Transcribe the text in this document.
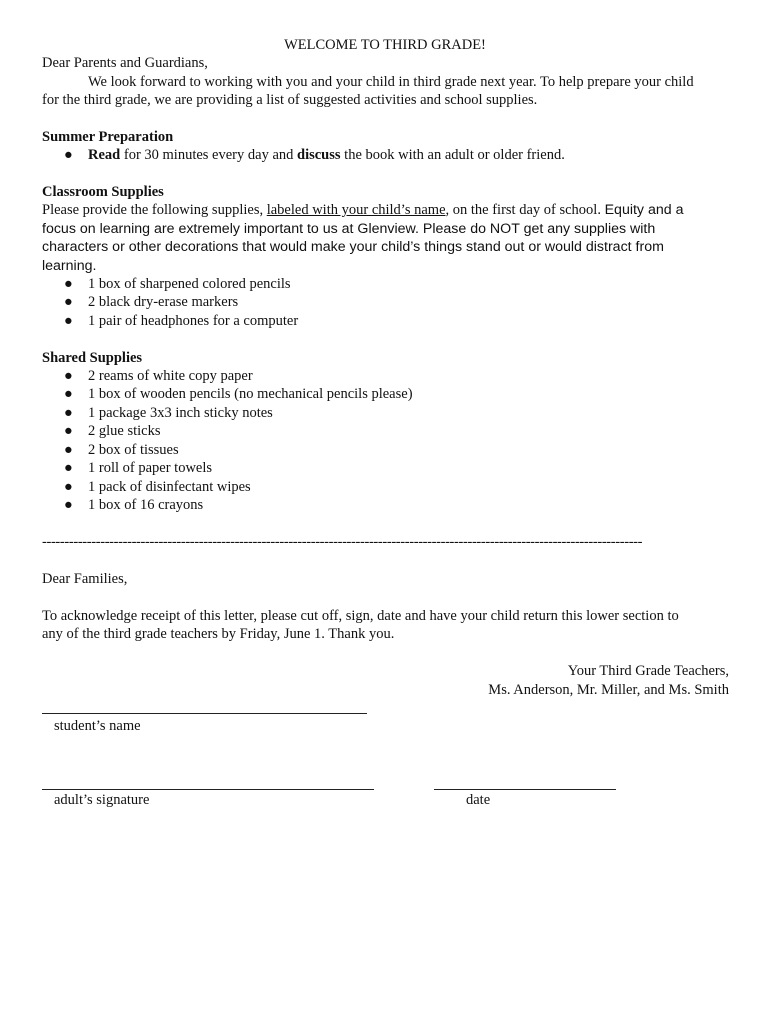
WELCOME TO THIRD GRADE!
Dear Parents and Guardians,
We look forward to working with you and your child in third grade next year. To help prepare your child
for the third grade, we are providing a list of suggested activities and school supplies.
Summer Preparation
● Read for 30 minutes every day and discuss the book with an adult or older friend.
Classroom Supplies
Please provide the following supplies, labeled with your child’s name, on the first day of school. Equity and a
focus on learning are extremely important to us at Glenview. Please do NOT get any supplies with
characters or other decorations that would make your child’s things stand out or would distract from
learning.
● 1 box of sharpened colored pencils
● 2 black dry-erase markers
● 1 pair of headphones for a computer
Shared Supplies
● 2 reams of white copy paper
● 1 box of wooden pencils (no mechanical pencils please)
● 1 package 3x3 inch sticky notes
● 2 glue sticks
● 2 box of tissues
● 1 roll of paper towels
● 1 pack of disinfectant wipes
● 1 box of 16 crayons
--------------------------------------------------------------------------------------------------------------------------------------
Dear Families,
To acknowledge receipt of this letter, please cut off, sign, date and have your child return this lower section to
any of the third grade teachers by Friday, June 1. Thank you.
Your Third Grade Teachers,
Ms. Anderson, Mr. Miller, and Ms. Smith
student’s name
adult’s signature	date
